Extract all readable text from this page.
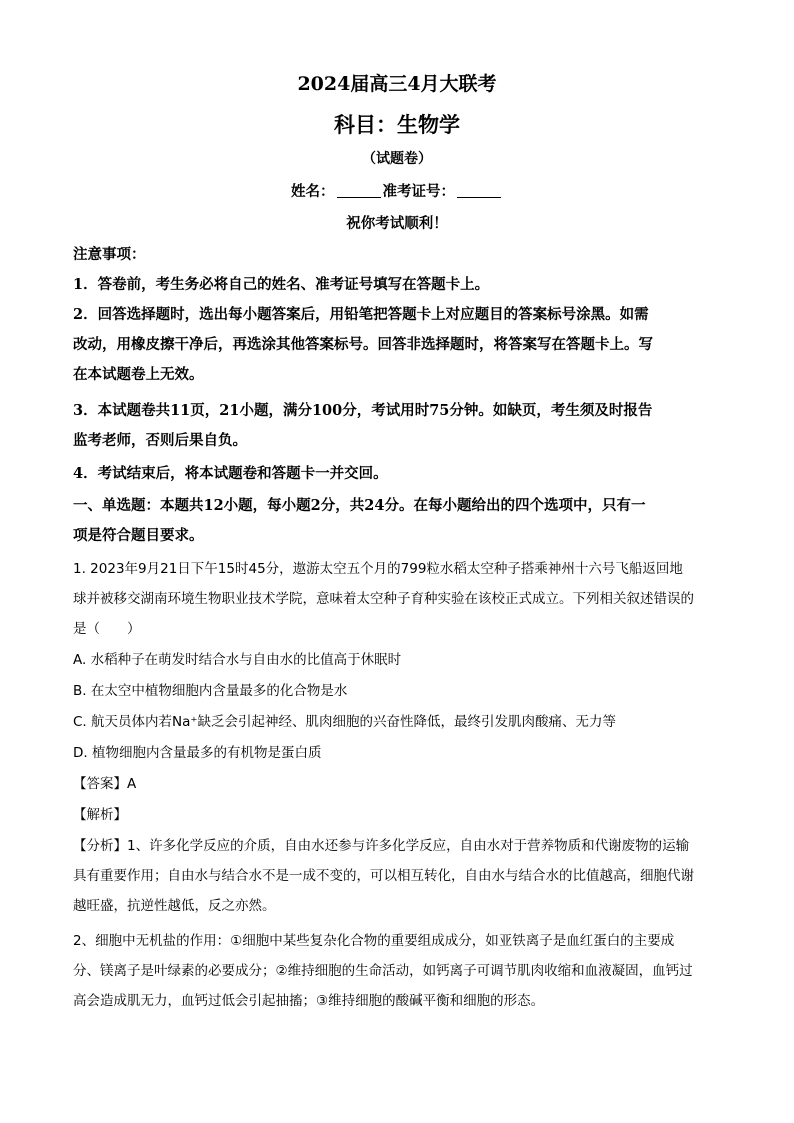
2024届高三4月大联考
科目：生物学
（试题卷）
姓名：	准考证号：
祝你考试顺利！
注意事项：
1．答卷前，考生务必将自己的姓名、准考证号填写在答题卡上。
2．回答选择题时，选出每小题答案后，用铅笔把答题卡上对应题目的答案标号涂黑。如需
改动，用橡皮擦干净后，再选涂其他答案标号。回答非选择题时，将答案写在答题卡上。写
在本试题卷上无效。
3．本试题卷共11页，21小题，满分100分，考试用时75分钟。如缺页，考生须及时报告
监考老师，否则后果自负。
4．考试结束后，将本试题卷和答题卡一并交回。
一、单选题：本题共12小题，每小题2分，共24分。在每小题给出的四个选项中，只有一
项是符合题目要求。
1. 2023年9月21日下午15时45分，遨游太空五个月的799粒水稻太空种子搭乘神州十六号飞船返回地
球并被移交湖南环境生物职业技术学院，意味着太空种子育种实验在该校正式成立。下列相关叙述错误的
是（　　）
A. 水稻种子在萌发时结合水与自由水的比值高于休眠时
B. 在太空中植物细胞内含量最多的化合物是水
C. 航天员体内若Na⁺缺乏会引起神经、肌肉细胞的兴奋性降低，最终引发肌肉酸痛、无力等
D. 植物细胞内含量最多的有机物是蛋白质
【答案】A
【解析】
【分析】1、许多化学反应的介质，自由水还参与许多化学反应，自由水对于营养物质和代谢废物的运输
具有重要作用；自由水与结合水不是一成不变的，可以相互转化，自由水与结合水的比值越高，细胞代谢
越旺盛，抗逆性越低，反之亦然。
2、细胞中无机盐的作用：①细胞中某些复杂化合物的重要组成成分，如亚铁离子是血红蛋白的主要成
分、镁离子是叶绿素的必要成分；②维持细胞的生命活动，如钙离子可调节肌肉收缩和血液凝固，血钙过
高会造成肌无力，血钙过低会引起抽搐；③维持细胞的酸碱平衡和细胞的形态。
